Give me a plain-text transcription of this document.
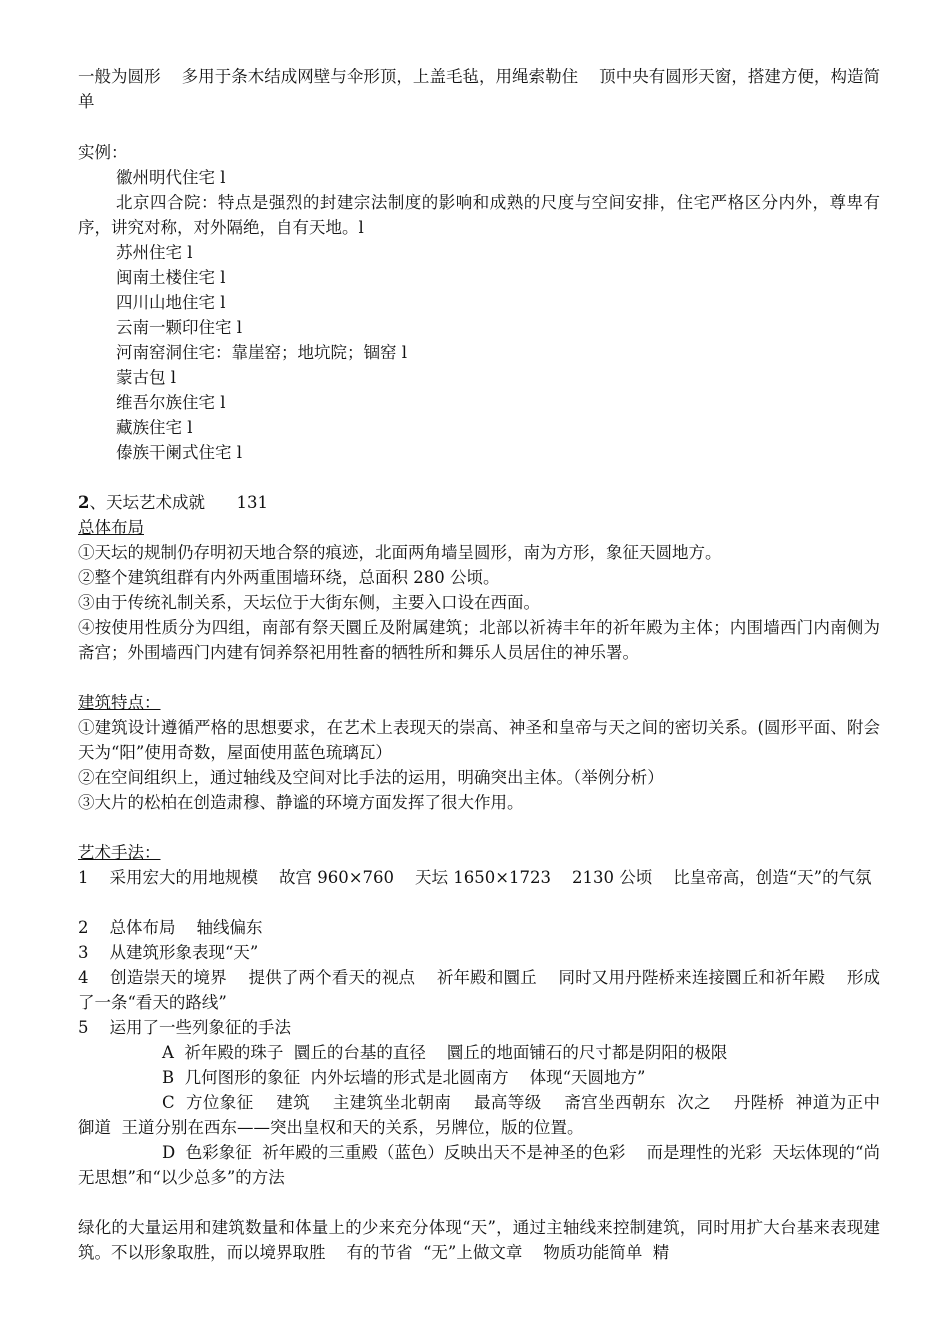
一般为圆形    多用于条木结成网壁与伞形顶，上盖毛毡，用绳索勒住    顶中央有圆形天窗，搭建方便，构造简单

实例：

徽州明代住宅 l

北京四合院：特点是强烈的封建宗法制度的影响和成熟的尺度与空间安排，住宅严格区分内外，尊卑有序，讲究对称，对外隔绝，自有天地。l

苏州住宅 l

闽南土楼住宅 l

四川山地住宅 l

云南一颗印住宅 l

河南窑洞住宅：靠崖窑；地坑院；锢窑 l

蒙古包 l

维吾尔族住宅 l

藏族住宅 l

傣族干阑式住宅 l

2、天坛艺术成就      131

总体布局

①天坛的规制仍存明初天地合祭的痕迹，北面两角墙呈圆形，南为方形，象征天圆地方。

②整个建筑组群有内外两重围墙环绕，总面积 280 公顷。

③由于传统礼制关系，天坛位于大街东侧，主要入口设在西面。

④按使用性质分为四组，南部有祭天圜丘及附属建筑；北部以祈祷丰年的祈年殿为主体；内围墙西门内南侧为斋宫；外围墙西门内建有饲养祭祀用牲畜的牺牲所和舞乐人员居住的神乐署。

建筑特点：

①建筑设计遵循严格的思想要求，在艺术上表现天的崇高、神圣和皇帝与天之间的密切关系。(圆形平面、附会天为“阳”使用奇数，屋面使用蓝色琉璃瓦）

②在空间组织上，通过轴线及空间对比手法的运用，明确突出主体。（举例分析）

③大片的松柏在创造肃穆、静谧的环境方面发挥了很大作用。

艺术手法：

1    采用宏大的用地规模    故宫 960×760    天坛 1650×1723    2130 公顷    比皇帝高，创造“天”的气氛

2    总体布局    轴线偏东

3    从建筑形象表现“天”

4    创造崇天的境界    提供了两个看天的视点    祈年殿和圜丘    同时又用丹陛桥来连接圜丘和祈年殿    形成了一条“看天的路线”

5    运用了一些列象征的手法

A  祈年殿的珠子  圜丘的台基的直径    圜丘的地面铺石的尺寸都是阴阳的极限

B  几何图形的象征  内外坛墙的形式是北圆南方    体现“天圆地方”

C  方位象征    建筑    主建筑坐北朝南    最高等级    斋宫坐西朝东  次之    丹陛桥  神道为正中    御道  王道分别在西东——突出皇权和天的关系，另牌位，版的位置。

D  色彩象征  祈年殿的三重殿（蓝色）反映出天不是神圣的色彩    而是理性的光彩  天坛体现的“尚无思想”和“以少总多”的方法

绿化的大量运用和建筑数量和体量上的少来充分体现“天”，通过主轴线来控制建筑，同时用扩大台基来表现建筑。不以形象取胜，而以境界取胜    有的节省  “无”上做文章    物质功能简单  精
